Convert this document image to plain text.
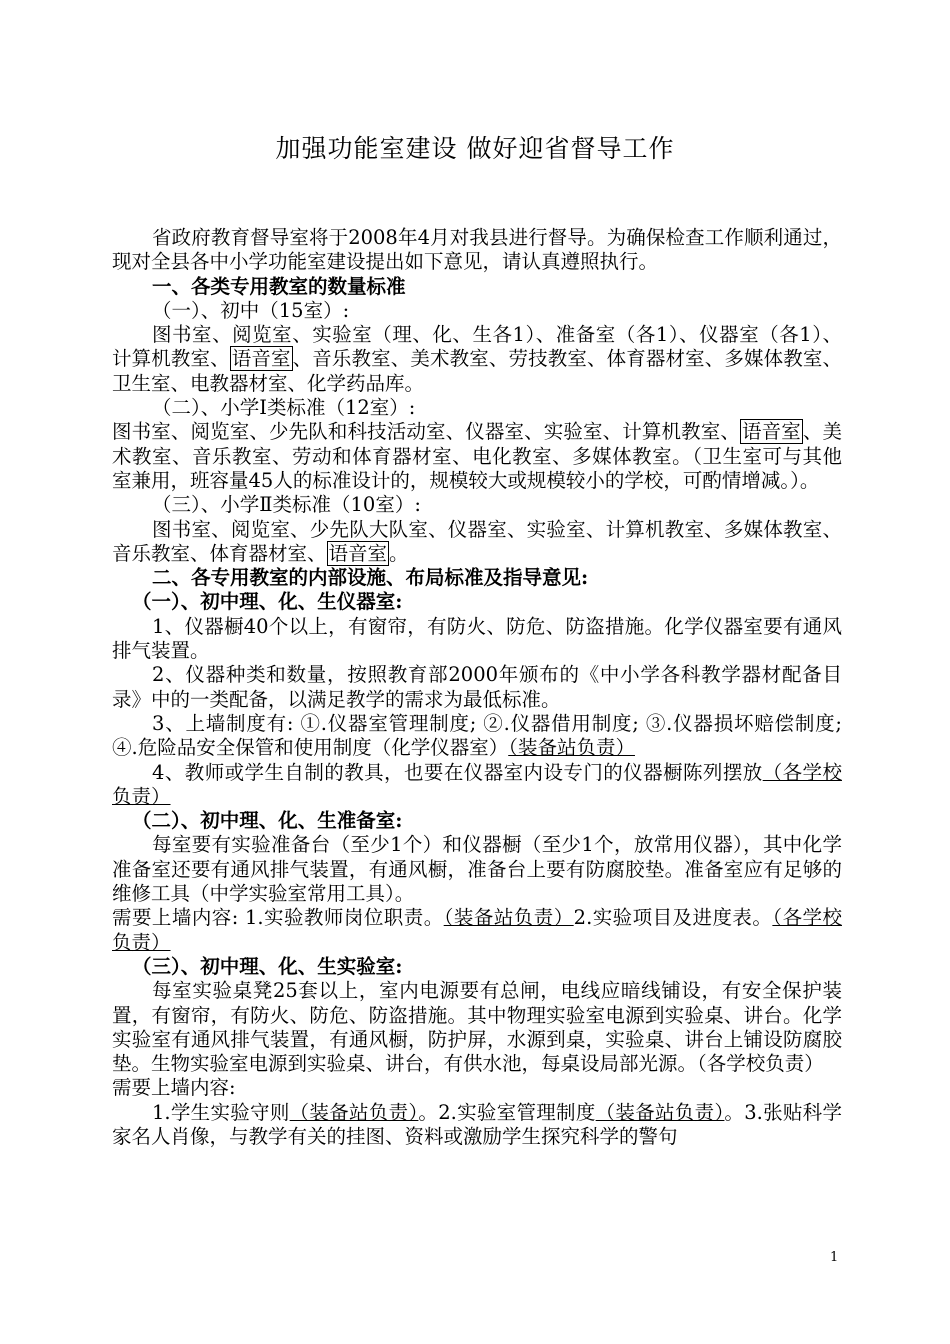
加强功能室建设 做好迎省督导工作

省政府教育督导室将于2008年4月对我县进行督导。为确保检查工作顺利通过，现对全县各中小学功能室建设提出如下意见，请认真遵照执行。

一、各类专用教室的数量标准

（一）、初中（15室）:

图书室、阅览室、实验室（理、化、生各1）、准备室（各1）、仪器室（各1）、计算机教室、 语音室 、音乐教室、美术教室、劳技教室、体育器材室、多媒体教室、卫生室、电教器材室、化学药品库。

（二）、小学Ⅰ类标准（12室）:

图书室、阅览室、少先队和科技活动室、仪器室、实验室、计算机教室、 语音室 、美术教室、音乐教室、劳动和体育器材室、电化教室、多媒体教室。（卫生室可与其他室兼用，班容量45人的标准设计的，规模较大或规模较小的学校，可酌情增减。）。

（三）、小学Ⅱ类标准（10室）:

图书室、阅览室、少先队大队室、仪器室、实验室、计算机教室、多媒体教室、音乐教室、体育器材室、 语音室 。

二、各专用教室的内部设施、布局标准及指导意见:

（一）、初中理、化、生仪器室:

1、仪器橱40个以上，有窗帘，有防火、防危、防盗措施。化学仪器室要有通风排气装置。

2、仪器种类和数量，按照教育部2000年颁布的《中小学各科教学器材配备目录》中的一类配备，以满足教学的需求为最低标准。

3、上墙制度有: ①.仪器室管理制度; ②.仪器借用制度; ③.仪器损坏赔偿制度; ④.危险品安全保管和使用制度（化学仪器室）（装备站负责）

4、教师或学生自制的教具，也要在仪器室内设专门的仪器橱陈列摆放（各学校负责）

（二）、初中理、化、生准备室:

每室要有实验准备台（至少1个）和仪器橱（至少1个，放常用仪器），其中化学准备室还要有通风排气装置，有通风橱，准备台上要有防腐胶垫。准备室应有足够的维修工具（中学实验室常用工具）。

需要上墙内容: 1.实验教师岗位职责。（装备站负责）2.实验项目及进度表。（各学校负责）

（三）、初中理、化、生实验室:

每室实验桌凳25套以上，室内电源要有总闸，电线应暗线铺设，有安全保护装置，有窗帘，有防火、防危、防盗措施。其中物理实验室电源到实验桌、讲台。化学实验室有通风排气装置，有通风橱，防护屏，水源到桌，实验桌、讲台上铺设防腐胶垫。生物实验室电源到实验桌、讲台，有供水池，每桌设局部光源。（各学校负责）

需要上墙内容:

1.学生实验守则（装备站负责）。2.实验室管理制度（装备站负责）。3.张贴科学家名人肖像，与教学有关的挂图、资料或激励学生探究科学的警句

1
